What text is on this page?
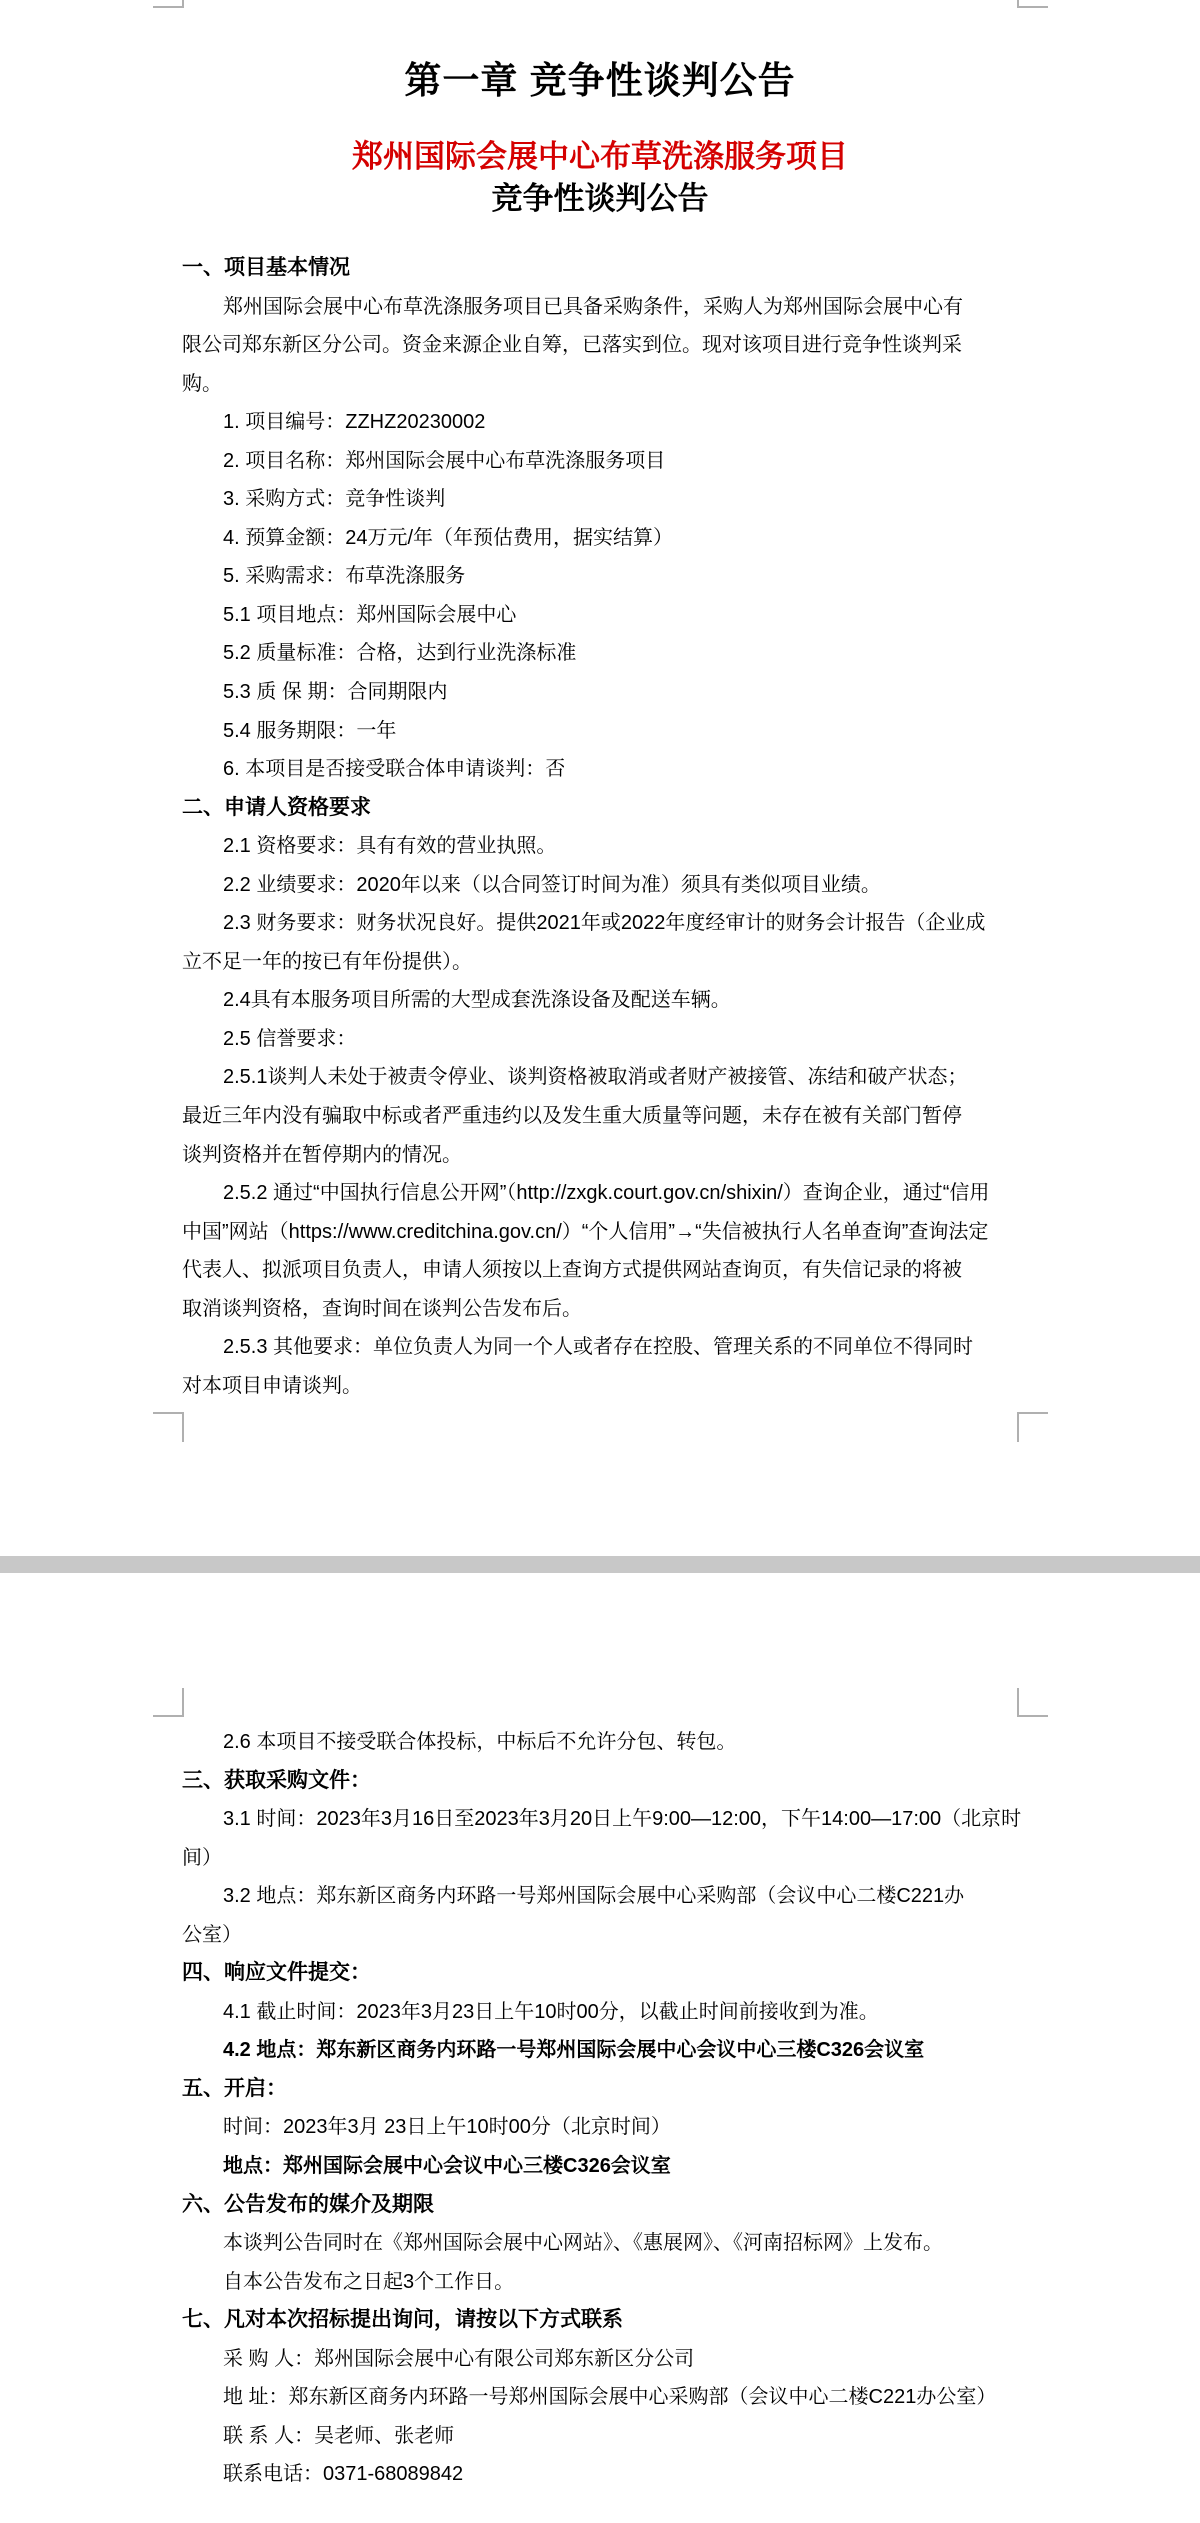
第一章 竞争性谈判公告
郑州国际会展中心布草洗涤服务项目
竞争性谈判公告
一、项目基本情况
郑州国际会展中心布草洗涤服务项目已具备采购条件，采购人为郑州国际会展中心有
限公司郑东新区分公司。资金来源企业自筹，已落实到位。现对该项目进行竞争性谈判采
购。
1. 项目编号：ZZHZ20230002
2. 项目名称：郑州国际会展中心布草洗涤服务项目
3. 采购方式：竞争性谈判
4. 预算金额：24万元/年（年预估费用，据实结算）
5. 采购需求：布草洗涤服务
5.1 项目地点：郑州国际会展中心
5.2 质量标准：合格，达到行业洗涤标准
5.3 质 保 期：合同期限内
5.4 服务期限：一年
6. 本项目是否接受联合体申请谈判：否
二、申请人资格要求
2.1 资格要求：具有有效的营业执照。
2.2 业绩要求：2020年以来（以合同签订时间为准）须具有类似项目业绩。
2.3 财务要求：财务状况良好。提供2021年或2022年度经审计的财务会计报告（企业成
立不足一年的按已有年份提供）。
2.4具有本服务项目所需的大型成套洗涤设备及配送车辆。
2.5 信誉要求：
2.5.1谈判人未处于被责令停业、谈判资格被取消或者财产被接管、冻结和破产状态；
最近三年内没有骗取中标或者严重违约以及发生重大质量等问题，未存在被有关部门暂停
谈判资格并在暂停期内的情况。
2.5.2 通过“中国执行信息公开网”（http://zxgk.court.gov.cn/shixin/）查询企业，通过“信用
中国”网站（https://www.creditchina.gov.cn/）“个人信用”→“失信被执行人名单查询”查询法定
代表人、拟派项目负责人，申请人须按以上查询方式提供网站查询页，有失信记录的将被
取消谈判资格，查询时间在谈判公告发布后。
2.5.3 其他要求：单位负责人为同一个人或者存在控股、管理关系的不同单位不得同时
对本项目申请谈判。
2.6 本项目不接受联合体投标，中标后不允许分包、转包。
三、获取采购文件：
3.1 时间：2023年3月16日至2023年3月20日上午9:00—12:00，下午14:00—17:00（北京时
间）
3.2 地点：郑东新区商务内环路一号郑州国际会展中心采购部（会议中心二楼C221办
公室）
四、响应文件提交：
4.1 截止时间：2023年3月23日上午10时00分，以截止时间前接收到为准。
4.2 地点：郑东新区商务内环路一号郑州国际会展中心会议中心三楼C326会议室
五、开启：
时间：2023年3月 23日上午10时00分（北京时间）
地点：郑州国际会展中心会议中心三楼C326会议室
六、公告发布的媒介及期限
本谈判公告同时在《郑州国际会展中心网站》、《惠展网》、《河南招标网》上发布。
自本公告发布之日起3个工作日。
七、凡对本次招标提出询问，请按以下方式联系
采 购 人：郑州国际会展中心有限公司郑东新区分公司
地 址：郑东新区商务内环路一号郑州国际会展中心采购部（会议中心二楼C221办公室）
联 系 人：吴老师、张老师
联系电话：0371-68089842
